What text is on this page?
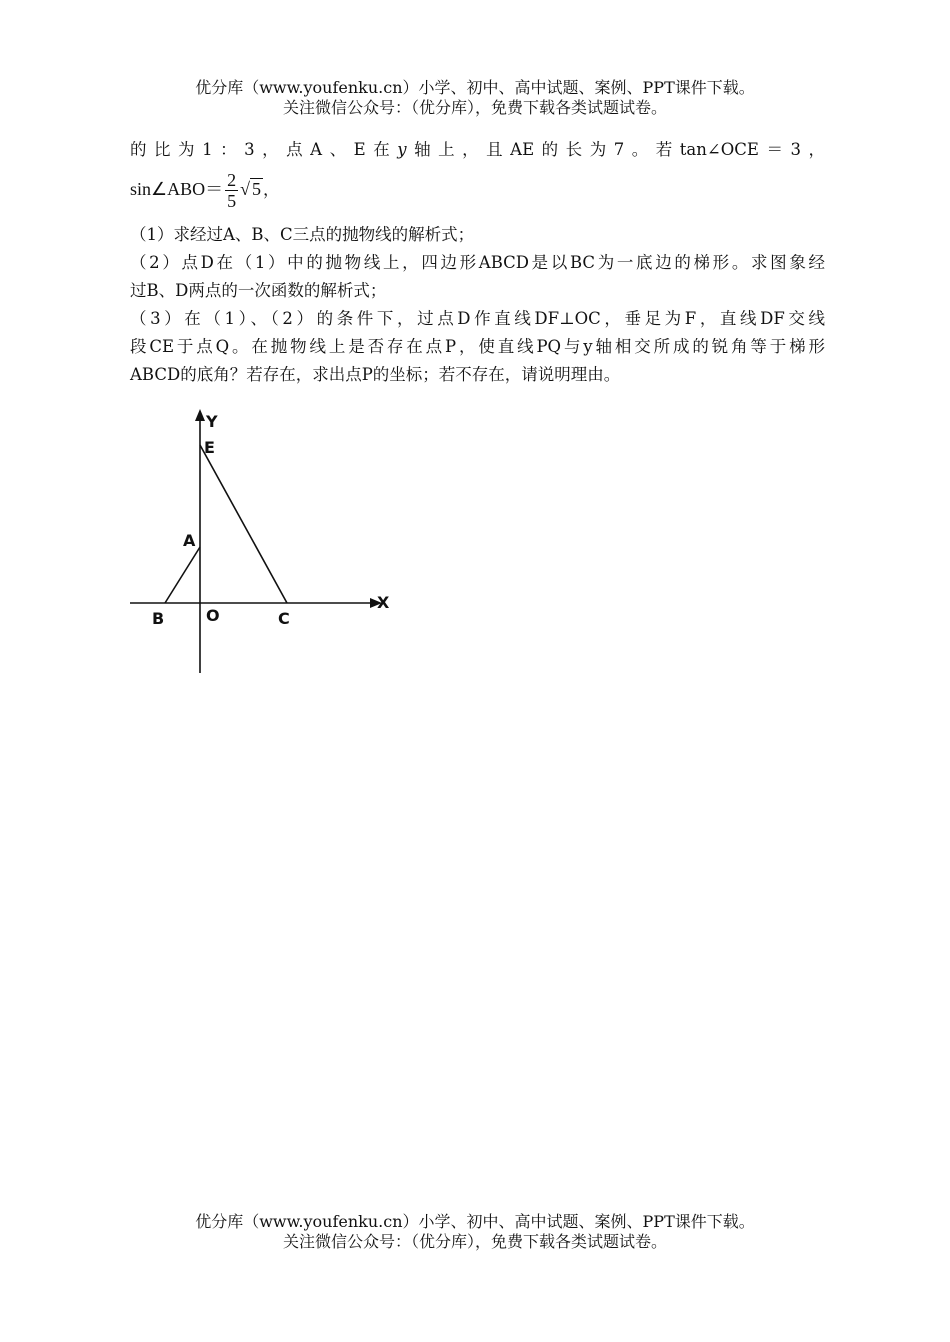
优分库（www.youfenku.cn）小学、初中、高中试题、案例、PPT课件下载。
关注微信公众号：（优分库），免费下载各类试题试卷。
的比为1：3，点A、E在y轴上，且AE的长为7。若tan∠OCE＝3，
sin∠ABO＝ $\frac{2}{5}$ √ 5 ，
（1）求经过A、B、C三点的抛物线的解析式；
（2）点D在（1）中的抛物线上，四边形ABCD是以BC为一底边的梯形。求图象经
过B、D两点的一次函数的解析式；
（3）在（1）、（2）的条件下，过点D作直线DF⊥OC，垂足为F，直线DF交线
段CE于点Q。在抛物线上是否存在点P，使直线PQ与y轴相交所成的锐角等于梯形
ABCD的底角？若存在，求出点P的坐标；若不存在，请说明理由。
Y
E
A
X
B	O	C
优分库（www.youfenku.cn）小学、初中、高中试题、案例、PPT课件下载。
关注微信公众号：（优分库），免费下载各类试题试卷。
